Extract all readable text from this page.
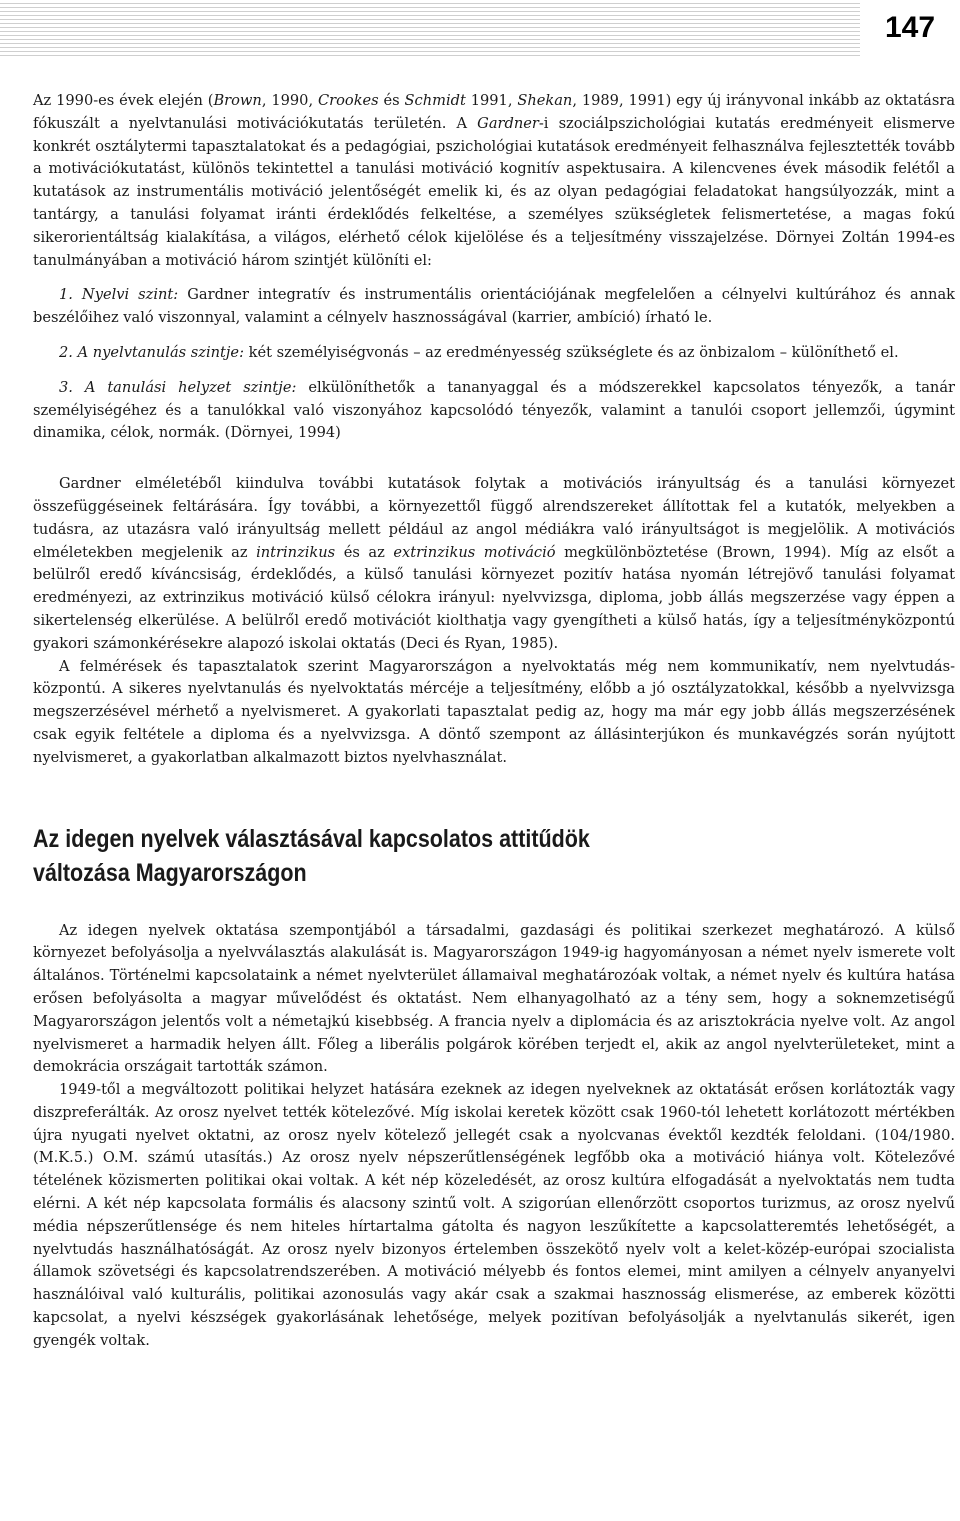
147

Az 1990-es évek elején (Brown, 1990, Crookes és Schmidt 1991, Shekan, 1989, 1991) egy új irányvonal inkább az oktatásra fókuszált a nyelvtanulási motivációkutatás területén. A Gardner-i szociálpszichológiai kutatás eredményeit elismerve konkrét osztálytermi tapasztalatokat és a pedagógiai, pszichológiai kutatások eredményeit felhasználva fejlesztették tovább a motivációkutatást, különös tekintettel a tanulási motiváció kognitív aspektusaira. A kilencvenes évek második felétől a kutatások az instrumentális motiváció jelentőségét emelik ki, és az olyan pedagógiai feladatokat hangsúlyozzák, mint a tantárgy, a tanulási folyamat iránti érdeklődés felkeltése, a személyes szükségletek felismertetése, a magas fokú sikerorientáltság kialakítása, a világos, elérhető célok kijelölése és a teljesítmény visszajelzése. Dörnyei Zoltán 1994-es tanulmányában a motiváció három szintjét különíti el:

1. Nyelvi szint: Gardner integratív és instrumentális orientációjának megfelelően a célnyelvi kultúrához és annak beszélőihez való viszonnyal, valamint a célnyelv hasznosságával (karrier, ambíció) írható le.

2. A nyelvtanulás szintje: két személyiségvonás – az eredményesség szükséglete és az önbizalom – különíthető el.

3. A tanulási helyzet szintje: elkülöníthetők a tananyaggal és a módszerekkel kapcsolatos tényezők, a tanár személyiségéhez és a tanulókkal való viszonyához kapcsolódó tényezők, valamint a tanulói csoport jellemzői, úgymint dinamika, célok, normák. (Dörnyei, 1994)

Gardner elméletéből kiindulva további kutatások folytak a motivációs irányultság és a tanulási környezet összefüggéseinek feltárására. Így további, a környezettől függő alrendszereket állítottak fel a kutatók, melyekben a tudásra, az utazásra való irányultság mellett például az angol médiákra való irányultságot is megjelölik. A motivációs elméletekben megjelenik az intrinzikus és az extrinzikus motiváció megkülönböztetése (Brown, 1994). Míg az elsőt a belülről eredő kíváncsiság, érdeklődés, a külső tanulási környezet pozitív hatása nyomán létrejövő tanulási folyamat eredményezi, az extrinzikus motiváció külső célokra irányul: nyelvvizsga, diploma, jobb állás megszerzése vagy éppen a sikertelenség elkerülése. A belülről eredő motivációt kiolthatja vagy gyengítheti a külső hatás, így a teljesítményközpontú gyakori számonkérésekre alapozó iskolai oktatás (Deci és Ryan, 1985).

A felmérések és tapasztalatok szerint Magyarországon a nyelvoktatás még nem kommunikatív, nem nyelvtudás-központú. A sikeres nyelvtanulás és nyelvoktatás mércéje a teljesítmény, előbb a jó osztályzatokkal, később a nyelvvizsga megszerzésével mérhető a nyelvismeret. A gyakorlati tapasztalat pedig az, hogy ma már egy jobb állás megszerzésének csak egyik feltétele a diploma és a nyelvvizsga. A döntő szempont az állásinterjúkon és munkavégzés során nyújtott nyelvismeret, a gyakorlatban alkalmazott biztos nyelvhasználat.

Az idegen nyelvek választásával kapcsolatos attitűdök
változása Magyarországon

Az idegen nyelvek oktatása szempontjából a társadalmi, gazdasági és politikai szerkezet meghatározó. A külső környezet befolyásolja a nyelvválasztás alakulását is. Magyarországon 1949-ig hagyományosan a német nyelv ismerete volt általános. Történelmi kapcsolataink a német nyelvterület államaival meghatározóak voltak, a német nyelv és kultúra hatása erősen befolyásolta a magyar művelődést és oktatást. Nem elhanyagolható az a tény sem, hogy a soknemzetiségű Magyarországon jelentős volt a németajkú kisebbség. A francia nyelv a diplomácia és az arisztokrácia nyelve volt. Az angol nyelvismeret a harmadik helyen állt. Főleg a liberális polgárok körében terjedt el, akik az angol nyelvterületeket, mint a demokrácia országait tartották számon.

1949-től a megváltozott politikai helyzet hatására ezeknek az idegen nyelveknek az oktatását erősen korlátozták vagy diszpreferálták. Az orosz nyelvet tették kötelezővé. Míg iskolai keretek között csak 1960-tól lehetett korlátozott mértékben újra nyugati nyelvet oktatni, az orosz nyelv kötelező jellegét csak a nyolcvanas évektől kezdték feloldani. (104/1980. (M.K.5.) O.M. számú utasítás.) Az orosz nyelv népszerűtlenségének legfőbb oka a motiváció hiánya volt. Kötelezővé tételének közismerten politikai okai voltak. A két nép közeledését, az orosz kultúra elfogadását a nyelvoktatás nem tudta elérni. A két nép kapcsolata formális és alacsony szintű volt. A szigorúan ellenőrzött csoportos turizmus, az orosz nyelvű média népszerűtlensége és nem hiteles hírtartalma gátolta és nagyon leszűkítette a kapcsolatteremtés lehetőségét, a nyelvtudás használhatóságát. Az orosz nyelv bizonyos értelemben összekötő nyelv volt a kelet-közép-európai szocialista államok szövetségi és kapcsolatrendszerében. A motiváció mélyebb és fontos elemei, mint amilyen a célnyelv anyanyelvi használóival való kulturális, politikai azonosulás vagy akár csak a szakmai hasznosság elismerése, az emberek közötti kapcsolat, a nyelvi készségek gyakorlásának lehetősége, melyek pozitívan befolyásolják a nyelvtanulás sikerét, igen gyengék voltak.
